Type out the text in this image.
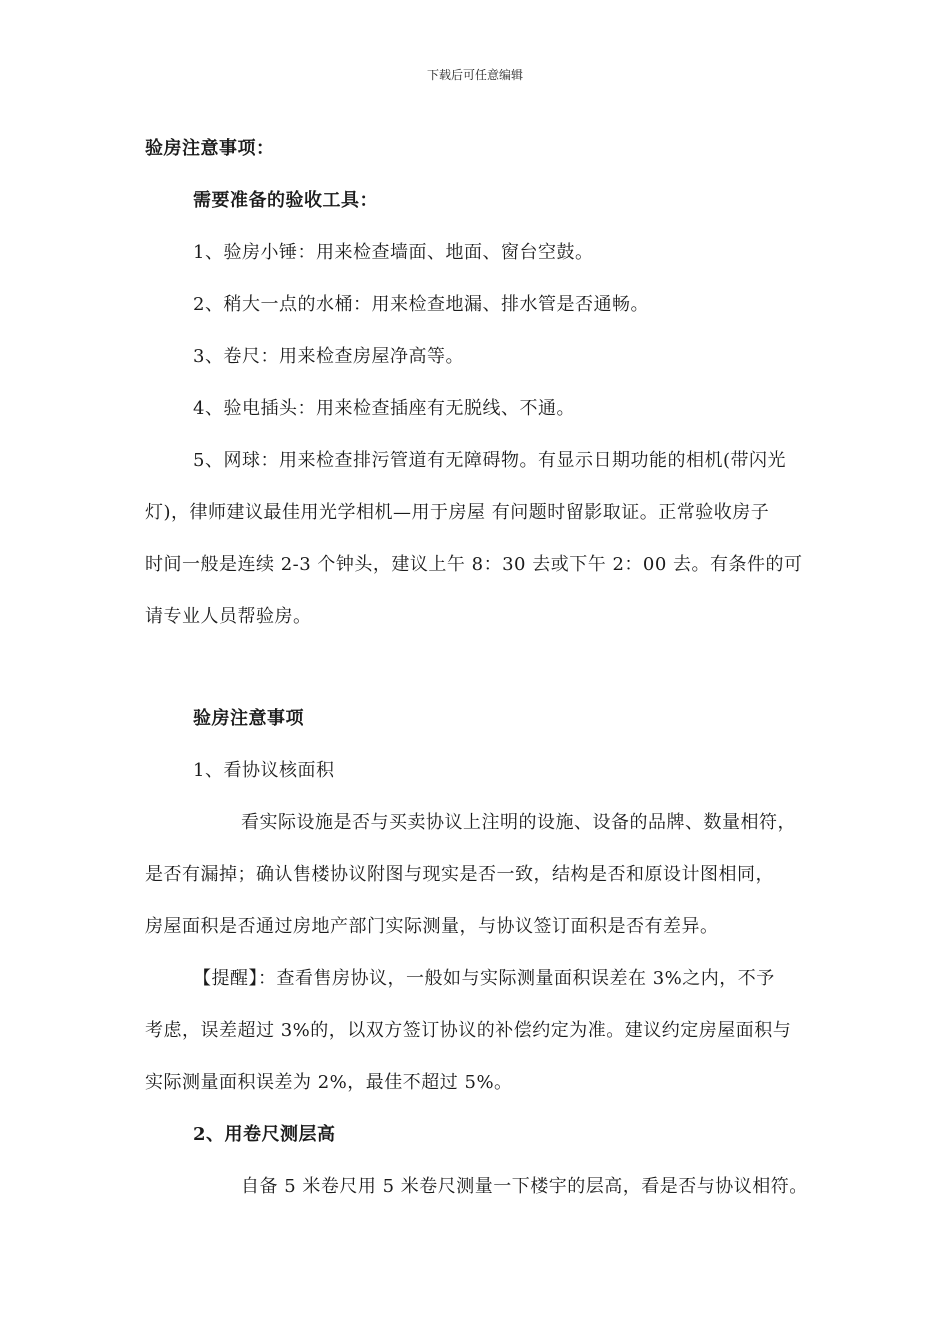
下载后可任意编辑
验房注意事项：
需要准备的验收工具：
1、验房小锤：用来检查墙面、地面、窗台空鼓。
2、稍大一点的水桶：用来检查地漏、排水管是否通畅。
3、卷尺：用来检查房屋净高等。
4、验电插头：用来检查插座有无脱线、不通。
5、网球：用来检查排污管道有无障碍物。有显示日期功能的相机(带闪光
灯)，律师建议最佳用光学相机—用于房屋 有问题时留影取证。正常验收房子
时间一般是连续 2-3 个钟头，建议上午 8：30 去或下午 2：00 去。有条件的可
请专业人员帮验房。
验房注意事项
1、看协议核面积
看实际设施是否与买卖协议上注明的设施、设备的品牌、数量相符，
是否有漏掉；确认售楼协议附图与现实是否一致，结构是否和原设计图相同，
房屋面积是否通过房地产部门实际测量，与协议签订面积是否有差异。
【提醒】：查看售房协议，一般如与实际测量面积误差在 3%之内，不予
考虑，误差超过 3%的，以双方签订协议的补偿约定为准。建议约定房屋面积与
实际测量面积误差为 2%，最佳不超过 5%。
2、用卷尺测层高
自备 5 米卷尺用 5 米卷尺测量一下楼宇的层高，看是否与协议相符。
